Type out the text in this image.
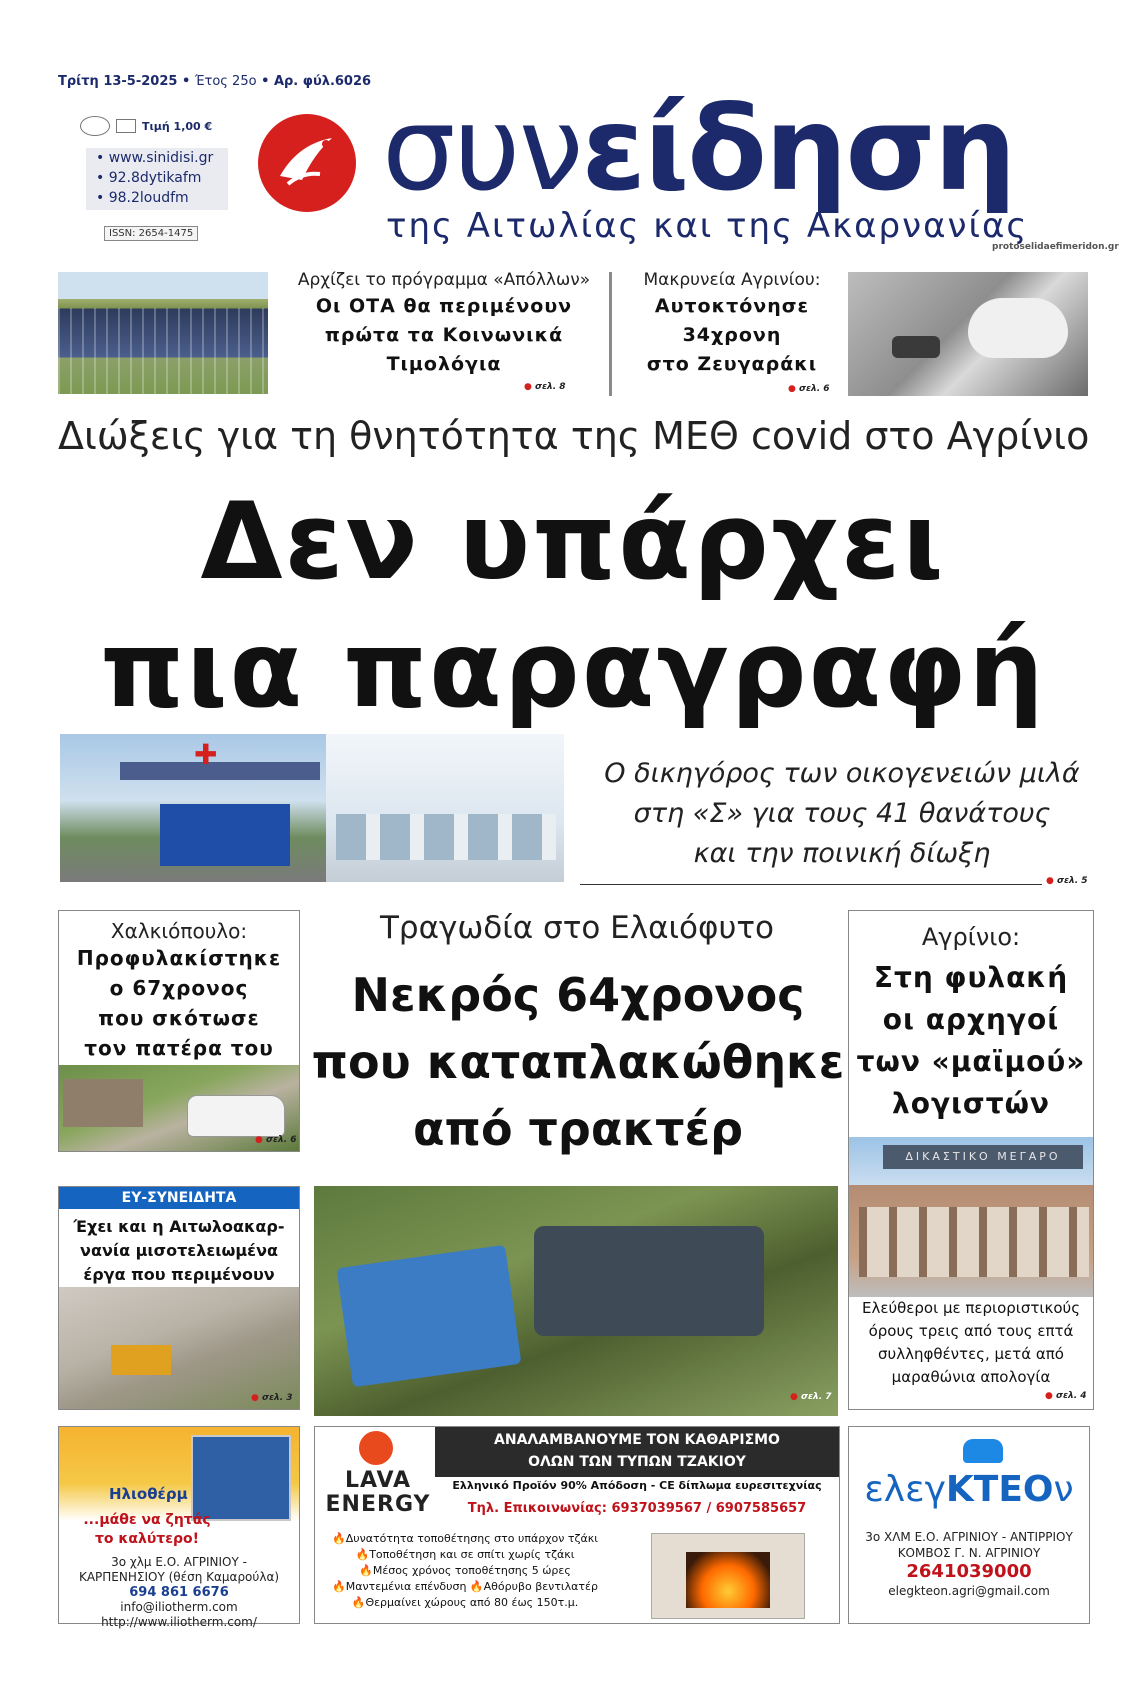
Τρίτη 13-5-2025 • Έτος 25ο • Αρ. φύλ.6026
Τιμή 1,00 €
• www.sinidisi.gr
• 92.8dytikafm
• 98.2loudfm
ISSN: 2654-1475
συνείδηση
της Αιτωλίας και της Ακαρνανίας
protoselidaefimeridon.gr
Αρχίζει το πρόγραμμα «Απόλλων»
Οι ΟΤΑ θα περιμένουν
πρώτα τα Κοινωνικά
Τιμολόγια
● σελ. 8
Μακρυνεία Αγρινίου:
Αυτοκτόνησε
34χρονη
στο Ζευγαράκι
● σελ. 6
Διώξεις για τη θνητότητα της ΜΕΘ covid στο Αγρίνιο
Δεν υπάρχει
πια παραγραφή
✚
Ο δικηγόρος των οικογενειών μιλά
στη «Σ» για τους 41 θανάτους
και την ποινική δίωξη
● σελ. 5
Χαλκιόπουλο:
Προφυλακίστηκε
ο 67χρονος
που σκότωσε
τον πατέρα του
● σελ. 6
ΕΥ-ΣΥΝΕΙΔΗΤΑ
Έχει και η Αιτωλοακαρ-
νανία μισοτελειωμένα
έργα που περιμένουν
● σελ. 3
Τραγωδία στο Ελαιόφυτο
Νεκρός 64χρονος
που καταπλακώθηκε
από τρακτέρ
● σελ. 7
Αγρίνιο:
Στη φυλακή
οι αρχηγοί
των «μαϊμού»
λογιστών
ΔΙΚΑΣΤΙΚΟ ΜΕΓΑΡΟ
Ελεύθεροι με περιοριστικούς
όρους τρεις από τους επτά
συλληφθέντες, μετά από
μαραθώνια απολογία
● σελ. 4
Ηλιοθέρμ
...μάθε να ζητάς
το καλύτερο!
3ο χλμ Ε.Ο. ΑΓΡΙΝΙΟΥ -
ΚΑΡΠΕΝΗΣΙΟΥ (θέση Καμαρούλα)
694 861 6676
info@iliotherm.com
http://www.iliotherm.com/
LAVA
ENERGY
ΑΝΑΛΑΜΒΑΝΟΥΜΕ ΤΟΝ ΚΑΘΑΡΙΣΜΟ
ΟΛΩΝ ΤΩΝ ΤΥΠΩΝ ΤΖΑΚΙΟΥ
Ελληνικό Προϊόν 90% Απόδοση - CE δίπλωμα ευρεσιτεχνίας
Τηλ. Επικοινωνίας: 6937039567 / 6907585657
🔥Δυνατότητα τοποθέτησης στο υπάρχον τζάκι
🔥Τοποθέτηση και σε σπίτι χωρίς τζάκι
🔥Μέσος χρόνος τοποθέτησης 5 ώρες
🔥Μαντεμένια επένδυση 🔥Αθόρυβο βεντιλατέρ
🔥Θερμαίνει χώρους από 80 έως 150τ.μ.
ελεγΚΤΕΟν
3ο ΧΛΜ Ε.Ο. ΑΓΡΙΝΙΟΥ - ΑΝΤΙΡΡΙΟΥ
ΚΟΜΒΟΣ Γ. Ν. ΑΓΡΙΝΙΟΥ
2641039000
elegkteon.agri@gmail.com
